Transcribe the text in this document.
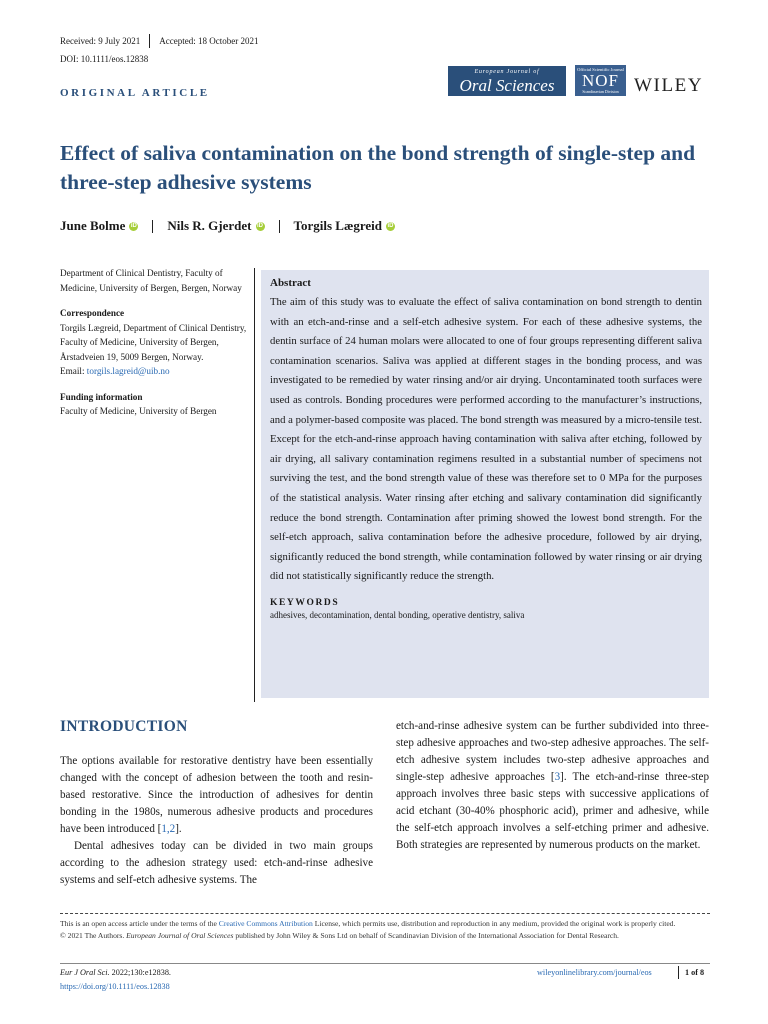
Received: 9 July 2021 Accepted: 18 October 2021
DOI: 10.1111/eos.12838
ORIGINAL ARTICLE
European Journal of
Oral Sciences
Official Scientific Journal
NOF
Scandinavian Division WILEY
Effect of saliva contamination on the bond strength of single-step and three-step adhesive systems
June Bolme iD Nils R. Gjerdet iD Torgils Lægreid iD

Department of Clinical Dentistry, Faculty of Medicine, University of Bergen, Bergen, Norway

Correspondence

Torgils Lægreid, Department of Clinical Dentistry, Faculty of Medicine, University of Bergen, Årstadveien 19, 5009 Bergen, Norway.

Email: torgils.lagreid@uib.no

Funding information

Faculty of Medicine, University of Bergen

Abstract
The aim of this study was to evaluate the effect of saliva contamination on bond strength to dentin with an etch-and-rinse and a self-etch adhesive system. For each of these adhesive systems, the dentin surface of 24 human molars were allocated to one of four groups representing different saliva contamination scenarios. Saliva was applied at different stages in the bonding process, and was investigated to be remedied by water rinsing and/or air drying. Uncontaminated tooth surfaces were used as controls. Bonding procedures were performed according to the manufacturer’s instructions, and a polymer-based composite was placed. The bond strength was measured by a micro-tensile test. Except for the etch-and-rinse approach having contamination with saliva after etching, followed by air drying, all salivary contamination regimens resulted in a substantial number of specimens not surviving the test, and the bond strength value of these was therefore set to 0 MPa for the purposes of the statistical analysis. Water rinsing after etching and salivary contamination did significantly reduce the bond strength. Contamination after priming showed the lowest bond strength. For the self-etch approach, saliva contamination before the adhesive procedure, followed by air drying, significantly reduced the bond strength, while contamination followed by water rinsing or air drying did not statistically significantly reduce the strength.
KEYWORDS
adhesives, decontamination, dental bonding, operative dentistry, saliva
INTRODUCTION

The options available for restorative dentistry have been essentially changed with the concept of adhesion between the tooth and resin-based restorative. Since the introduction of adhesives for dentin bonding in the 1980s, numerous adhesive products and procedures have been introduced [1,2].

Dental adhesives today can be divided in two main groups according to the adhesion strategy used: etch-and-rinse adhesive systems and self-etch adhesive systems. The

etch-and-rinse adhesive system can be further subdivided into three-step adhesive approaches and two-step adhesive approaches. The self-etch adhesive system includes two-step adhesive approaches and single-step adhesive approaches [3]. The etch-and-rinse three-step approach involves three basic steps with successive applications of acid etchant (30-40% phosphoric acid), primer and adhesive, while the self-etch approach involves a self-etching primer and adhesive. Both strategies are represented by numerous products on the market.

This is an open access article under the terms of the Creative Commons Attribution License, which permits use, distribution and reproduction in any medium, provided the original work is properly cited.
© 2021 The Authors. European Journal of Oral Sciences published by John Wiley & Sons Ltd on behalf of Scandinavian Division of the International Association for Dental Research.
Eur J Oral Sci. 2022;130:e12838.
https://doi.org/10.1111/eos.12838
wileyonlinelibrary.com/journal/eos	1 of 8
